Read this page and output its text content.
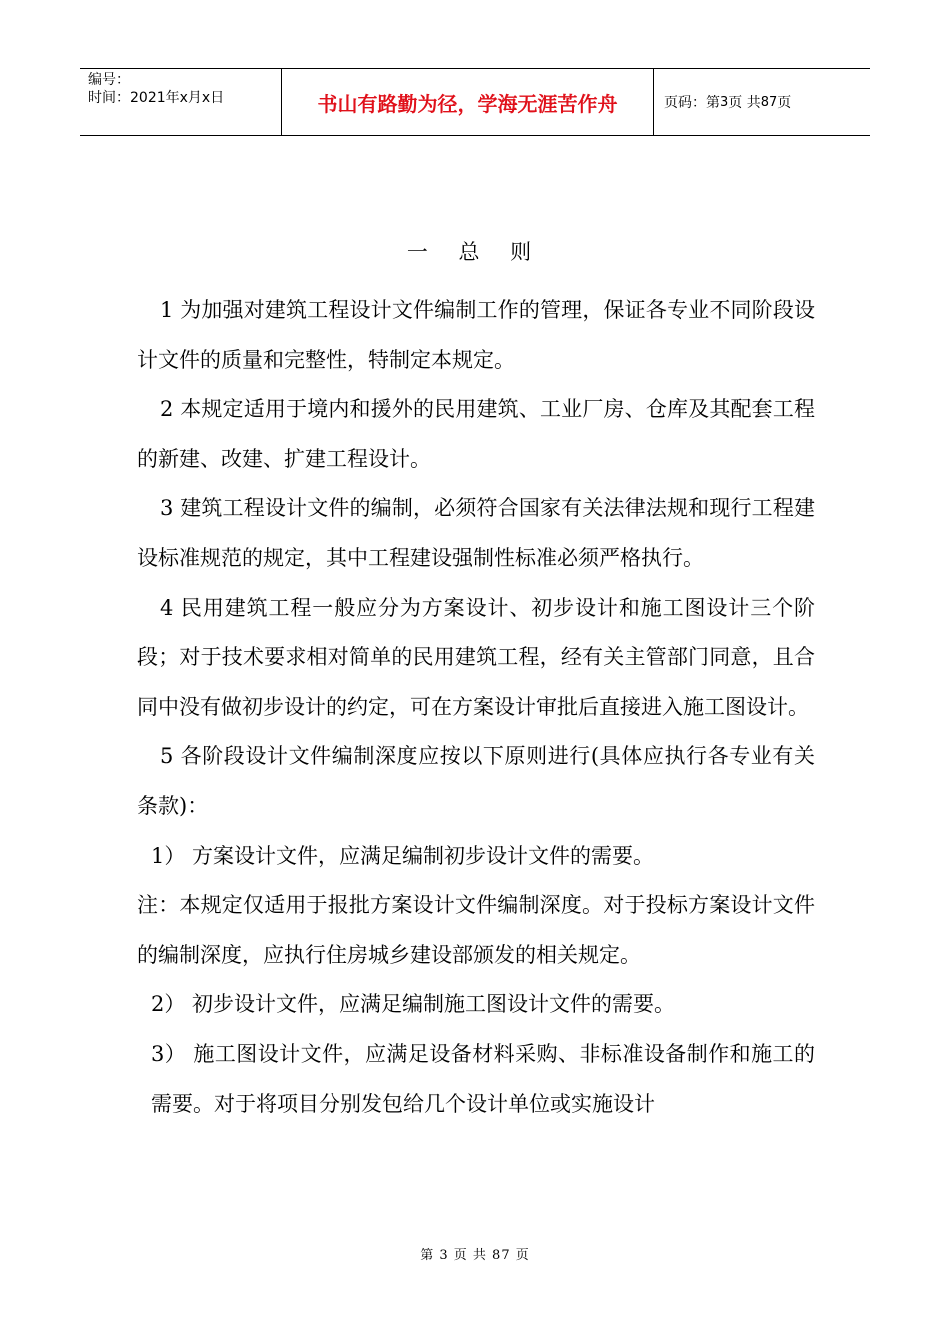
编号：
时间：2021年x月x日	书山有路勤为径，学海无涯苦作舟	页码：第 3 页 共 87 页
一 总 则

1 为加强对建筑工程设计文件编制工作的管理，保证各专业不同阶段设计文件的质量和完整性，特制定本规定。

2 本规定适用于境内和援外的民用建筑、工业厂房、仓库及其配套工程的新建、改建、扩建工程设计。

3 建筑工程设计文件的编制，必须符合国家有关法律法规和现行工程建设标准规范的规定，其中工程建设强制性标准必须严格执行。

4 民用建筑工程一般应分为方案设计、初步设计和施工图设计三个阶段；对于技术要求相对简单的民用建筑工程，经有关主管部门同意，且合同中没有做初步设计的约定，可在方案设计审批后直接进入施工图设计。

5 各阶段设计文件编制深度应按以下原则进行(具体应执行各专业有关条款)：

1） 方案设计文件，应满足编制初步设计文件的需要。

注：本规定仅适用于报批方案设计文件编制深度。对于投标方案设计文件的编制深度，应执行住房城乡建设部颁发的相关规定。

2） 初步设计文件，应满足编制施工图设计文件的需要。

3） 施工图设计文件，应满足设备材料采购、非标准设备制作和施工的需要。对于将项目分别发包给几个设计单位或实施设计

第 3 页 共 87 页
